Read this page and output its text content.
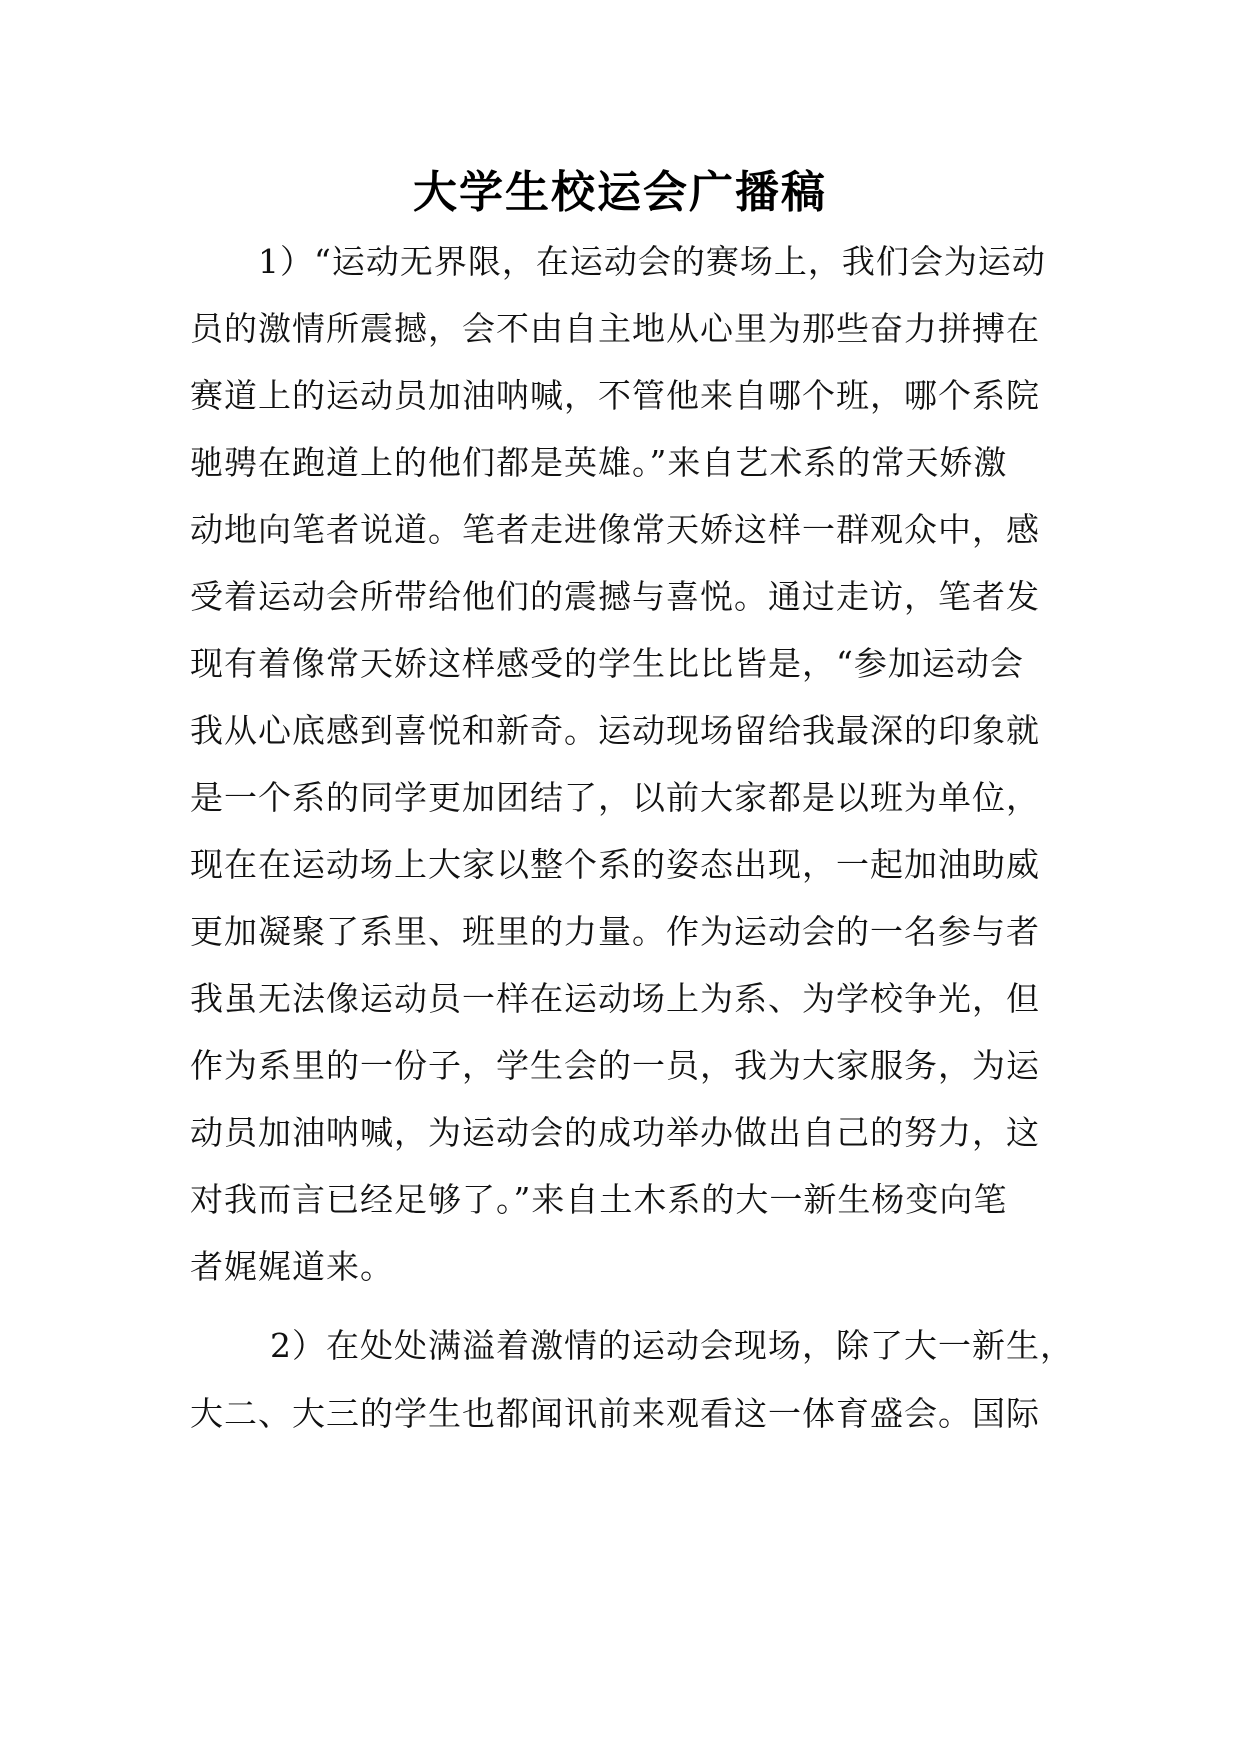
大学生校运会广播稿
1）“运动无界限，在运动会的赛场上，我们会为运动
员的激情所震撼，会不由自主地从心里为那些奋力拼搏在
赛道上的运动员加油呐喊，不管他来自哪个班，哪个系院
驰骋在跑道上的他们都是英雄。”来自艺术系的常天娇激
动地向笔者说道。笔者走进像常天娇这样一群观众中，感
受着运动会所带给他们的震撼与喜悦。通过走访，笔者发
现有着像常天娇这样感受的学生比比皆是，“参加运动会
我从心底感到喜悦和新奇。运动现场留给我最深的印象就
是一个系的同学更加团结了，以前大家都是以班为单位，
现在在运动场上大家以整个系的姿态出现，一起加油助威
更加凝聚了系里、班里的力量。作为运动会的一名参与者
我虽无法像运动员一样在运动场上为系、为学校争光，但
作为系里的一份子，学生会的一员，我为大家服务，为运
动员加油呐喊，为运动会的成功举办做出自己的努力，这
对我而言已经足够了。”来自土木系的大一新生杨变向笔
者娓娓道来。
2）在处处满溢着激情的运动会现场，除了大一新生，
大二、大三的学生也都闻讯前来观看这一体育盛会。国际
